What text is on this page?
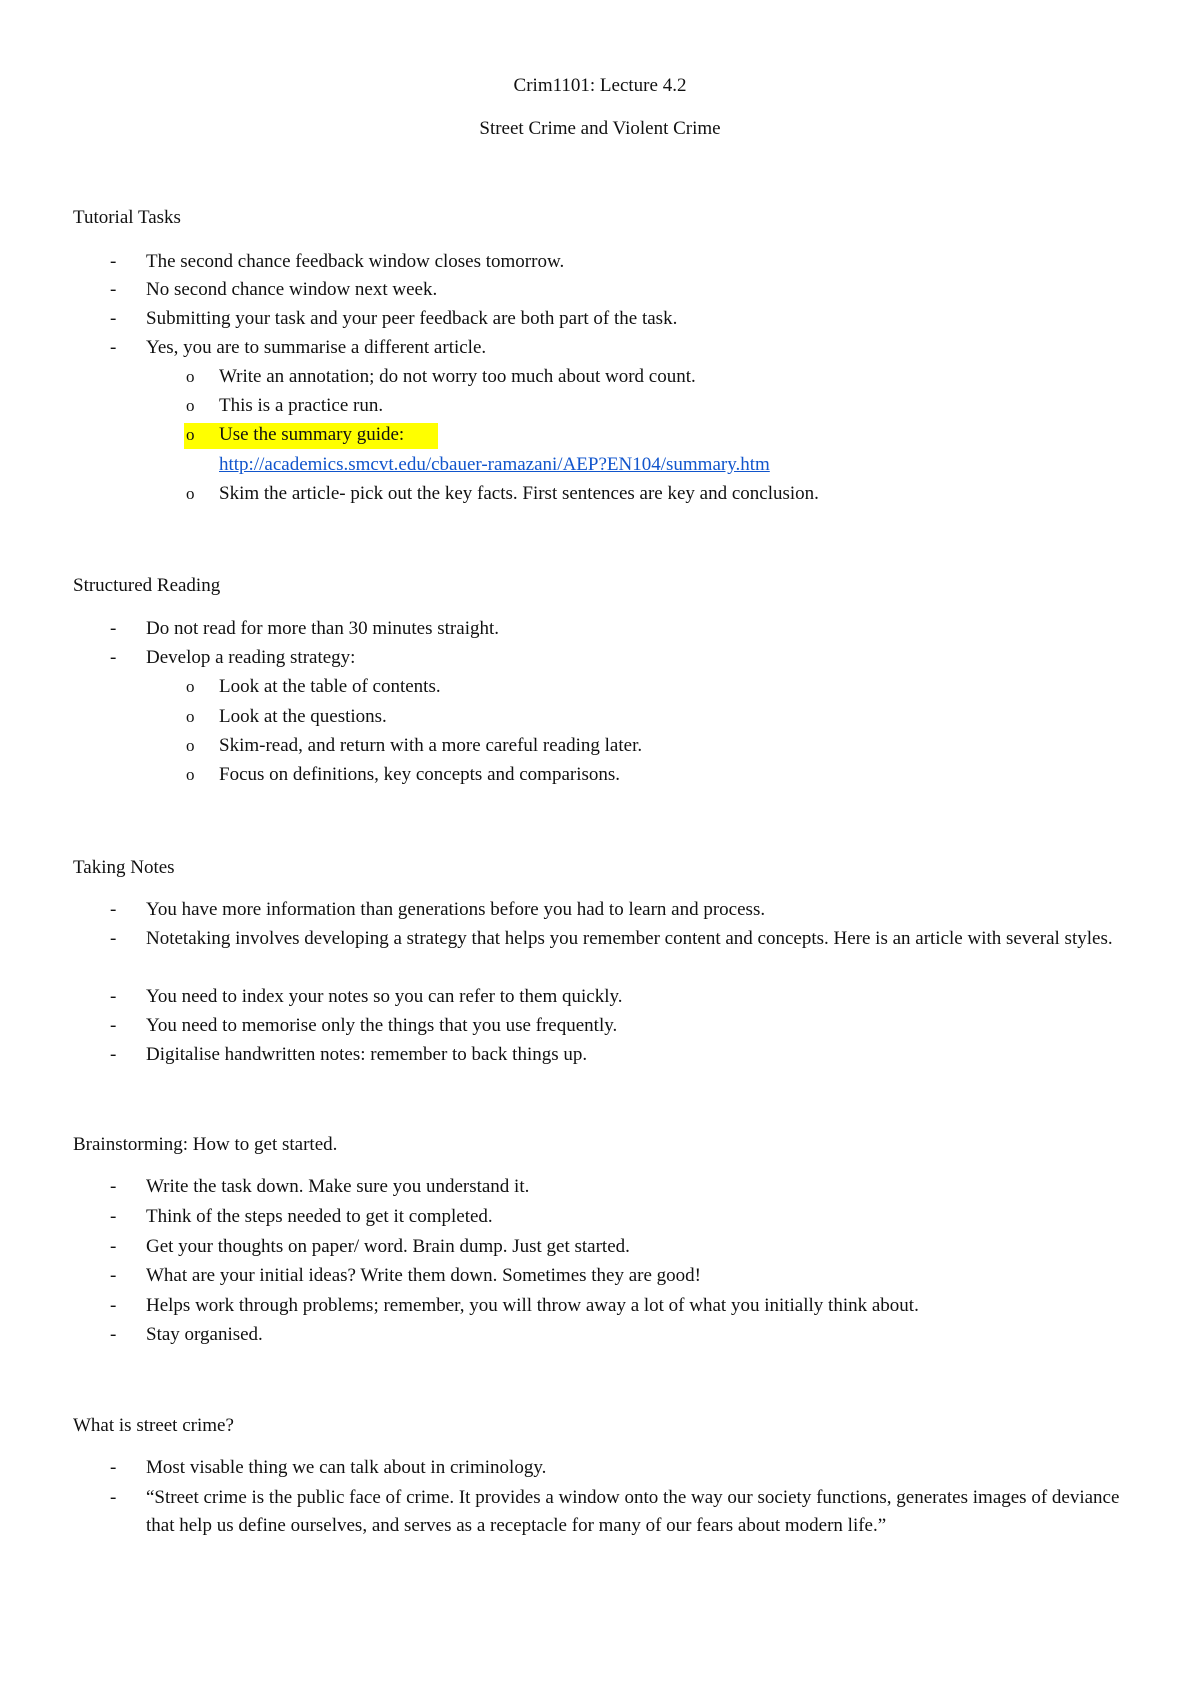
Crim1101: Lecture 4.2
Street Crime and Violent Crime
Tutorial Tasks
- The second chance feedback window closes tomorrow.
- No second chance window next week.
- Submitting your task and your peer feedback are both part of the task.
- Yes, you are to summarise a different article.
o Write an annotation; do not worry too much about word count.
o This is a practice run.
o Use the summary guide:
http://academics.smcvt.edu/cbauer-ramazani/AEP?EN104/summary.htm
o Skim the article- pick out the key facts. First sentences are key and conclusion.
Structured Reading
- Do not read for more than 30 minutes straight.
- Develop a reading strategy:
o Look at the table of contents.
o Look at the questions.
o Skim-read, and return with a more careful reading later.
o Focus on definitions, key concepts and comparisons.
Taking Notes
- You have more information than generations before you had to learn and process.
- Notetaking involves developing a strategy that helps you remember content and concepts. Here is an article with several styles.
- You need to index your notes so you can refer to them quickly.
- You need to memorise only the things that you use frequently.
- Digitalise handwritten notes: remember to back things up.
Brainstorming: How to get started.
- Write the task down. Make sure you understand it.
- Think of the steps needed to get it completed.
- Get your thoughts on paper/ word. Brain dump. Just get started.
- What are your initial ideas? Write them down. Sometimes they are good!
- Helps work through problems; remember, you will throw away a lot of what you initially think about.
- Stay organised.
What is street crime?
- Most visable thing we can talk about in criminology.
- “Street crime is the public face of crime. It provides a window onto the way our society functions, generates images of deviance that help us define ourselves, and serves as a receptacle for many of our fears about modern life.”
